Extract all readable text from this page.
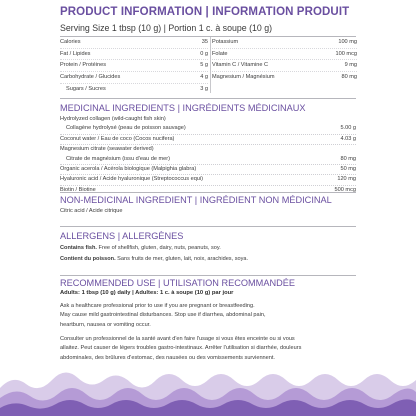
PRODUCT INFORMATION | INFORMATION PRODUIT
Serving Size 1 tbsp (10 g) | Portion 1 c. à soupe (10 g)
Calories	35
Fat / Lipides	0 g
Protein / Protéines	5 g
Carbohydrate / Glucides	4 g
Sugars / Sucres	3 g
Potassium	100 mg
Folate	100 mcg
Vitamin C / Vitamine C	9 mg
Magnesium / Magnésium	80 mg
MEDICINAL INGREDIENTS | INGRÉDIENTS MÉDICINAUX
Hydrolyzed collagen (wild-caught fish skin)
Collagène hydrolysé (peau de poisson sauvage)	5.00 g
Coconut water / Eau de coco (Cocos nucifera)	4.03 g
Magnesium citrate (seawater derived)
Citrate de magnésium (issu d'eau de mer)	80 mg
Organic acerola / Acérola biologique (Malpighia glabra)	50 mg
Hyaluronic acid / Acide hyaluronique (Streptococcus equi)	120 mg
Biotin / Biotine	500 mcg
NON-MEDICINAL INGREDIENT | INGRÉDIENT NON MÉDICINAL
Citric acid / Acide citrique
ALLERGENS | ALLERGÈNES
Contains fish. Free of shellfish, gluten, dairy, nuts, peanuts, soy.
Contient du poisson. Sans fruits de mer, gluten, lait, noix, arachides, soya.
RECOMMENDED USE | UTILISATION RECOMMANDÉE
Adults: 1 tbsp (10 g) daily | Adultes: 1 c. à soupe (10 g) par jour
Ask a healthcare professional prior to use if you are pregnant or breastfeeding.
May cause mild gastrointestinal disturbances. Stop use if diarrhea, abdominal pain,
heartburn, nausea or vomiting occur.
Consulter un professionnel de la santé avant d'en faire l'usage si vous êtes enceinte ou si vous
allaitez. Peut causer de légers troubles gastro-intestinaux. Arrêter l'utilisation si diarrhée, douleurs
abdominales, des brûlures d'estomac, des nausées ou des vomissements surviennent.
